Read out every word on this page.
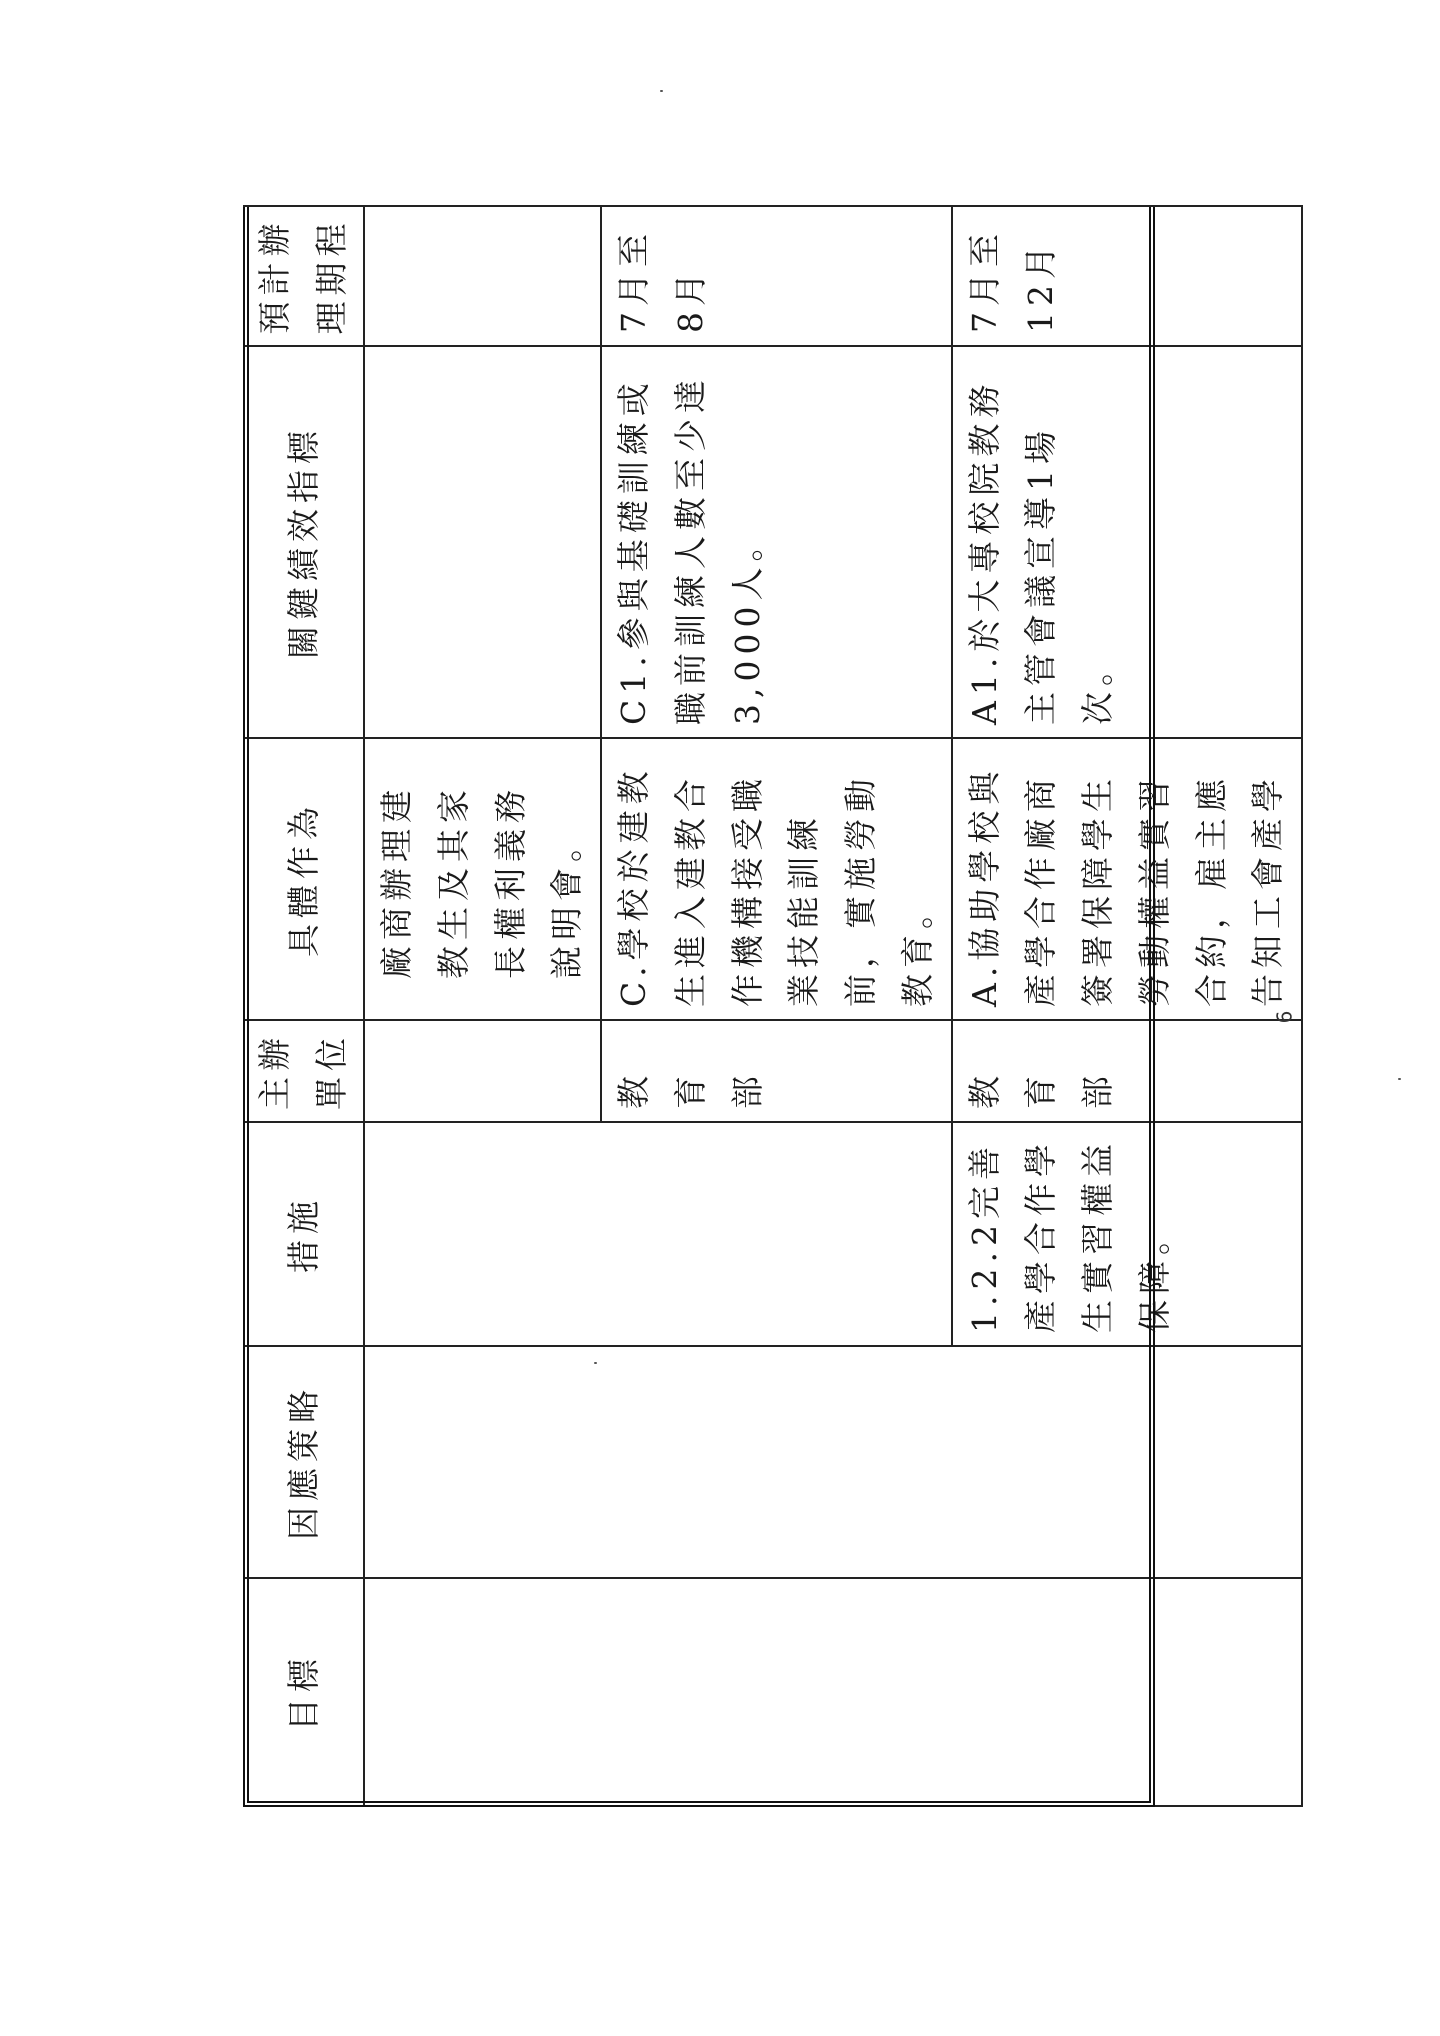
目標	因應策略	措施	主辦單位	具體作為	關鍵績效指標	預計辦理期程
				廠商辦理建教生及其家長權利義務說明會。		
			教育部	C.學校於建教生進入建教合作機構接受職業技能訓練前，實施勞動教育。	C1.參與基礎訓練或職前訓練人數至少達3,000人。	7月至8月
		1.2.2完善產學合作學生實習權益保障。	教育部	A.協助學校與產學合作廠商簽署保障學生勞動權益實習合約，雇主應告知工會產學	A1.於大專校院教務主管會議宣導1場次。	7月至12月
6
